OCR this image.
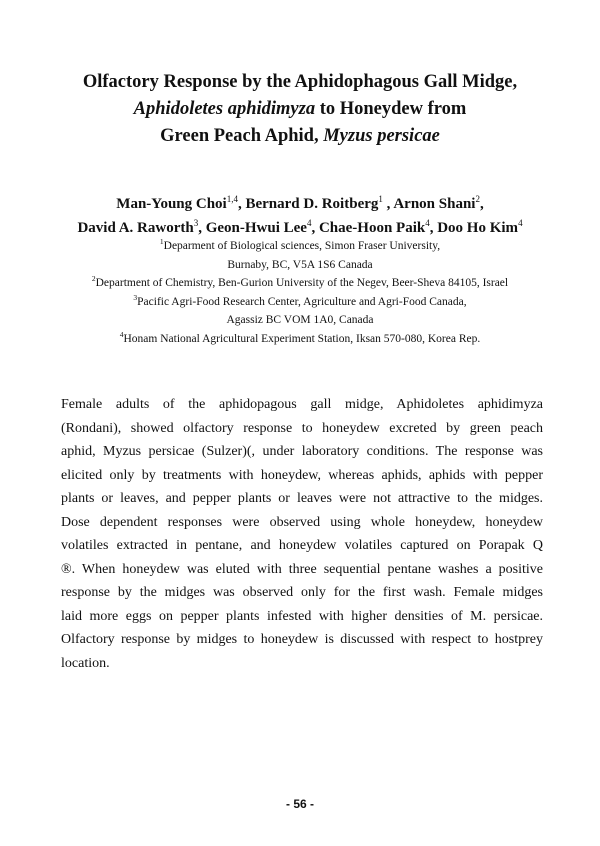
Olfactory Response by the Aphidophagous Gall Midge,
Aphidoletes aphidimyza to Honeydew from
Green Peach Aphid, Myzus persicae
Man-Young Choi$^{1,4}$, Bernard D. Roitberg$^1$ , Arnon Shani$^2$,
David A. Raworth$^3$, Geon-Hwui Lee$^4$, Chae-Hoon Paik$^4$, Doo Ho Kim$^4$
$^1$Deparment of Biological sciences, Simon Fraser University,
Burnaby, BC, V5A 1S6 Canada
$^2$Department of Chemistry, Ben-Gurion University of the Negev, Beer-Sheva 84105, Israel
$^3$Pacific Agri-Food Research Center, Agriculture and Agri-Food Canada,
Agassiz BC VOM 1A0, Canada
$^4$Honam National Agricultural Experiment Station, Iksan 570-080, Korea Rep.
Female adults of the aphidopagous gall midge, Aphidoletes aphidimyza
(Rondani), showed olfactory response to honeydew excreted by green peach
aphid, Myzus persicae (Sulzer)(, under laboratory conditions. The response was
elicited only by treatments with honeydew, whereas aphids, aphids with pepper
plants or leaves, and pepper plants or leaves were not attractive to the midges.
Dose dependent responses were observed using whole honeydew, honeydew
volatiles extracted in pentane, and honeydew volatiles captured on Porapak Q
®. When honeydew was eluted with three sequential pentane washes a positive
response by the midges was observed only for the first wash. Female midges
laid more eggs on pepper plants infested with higher densities of M. persicae.
Olfactory response by midges to honeydew is discussed with respect to hostprey
location.
- 56 -
